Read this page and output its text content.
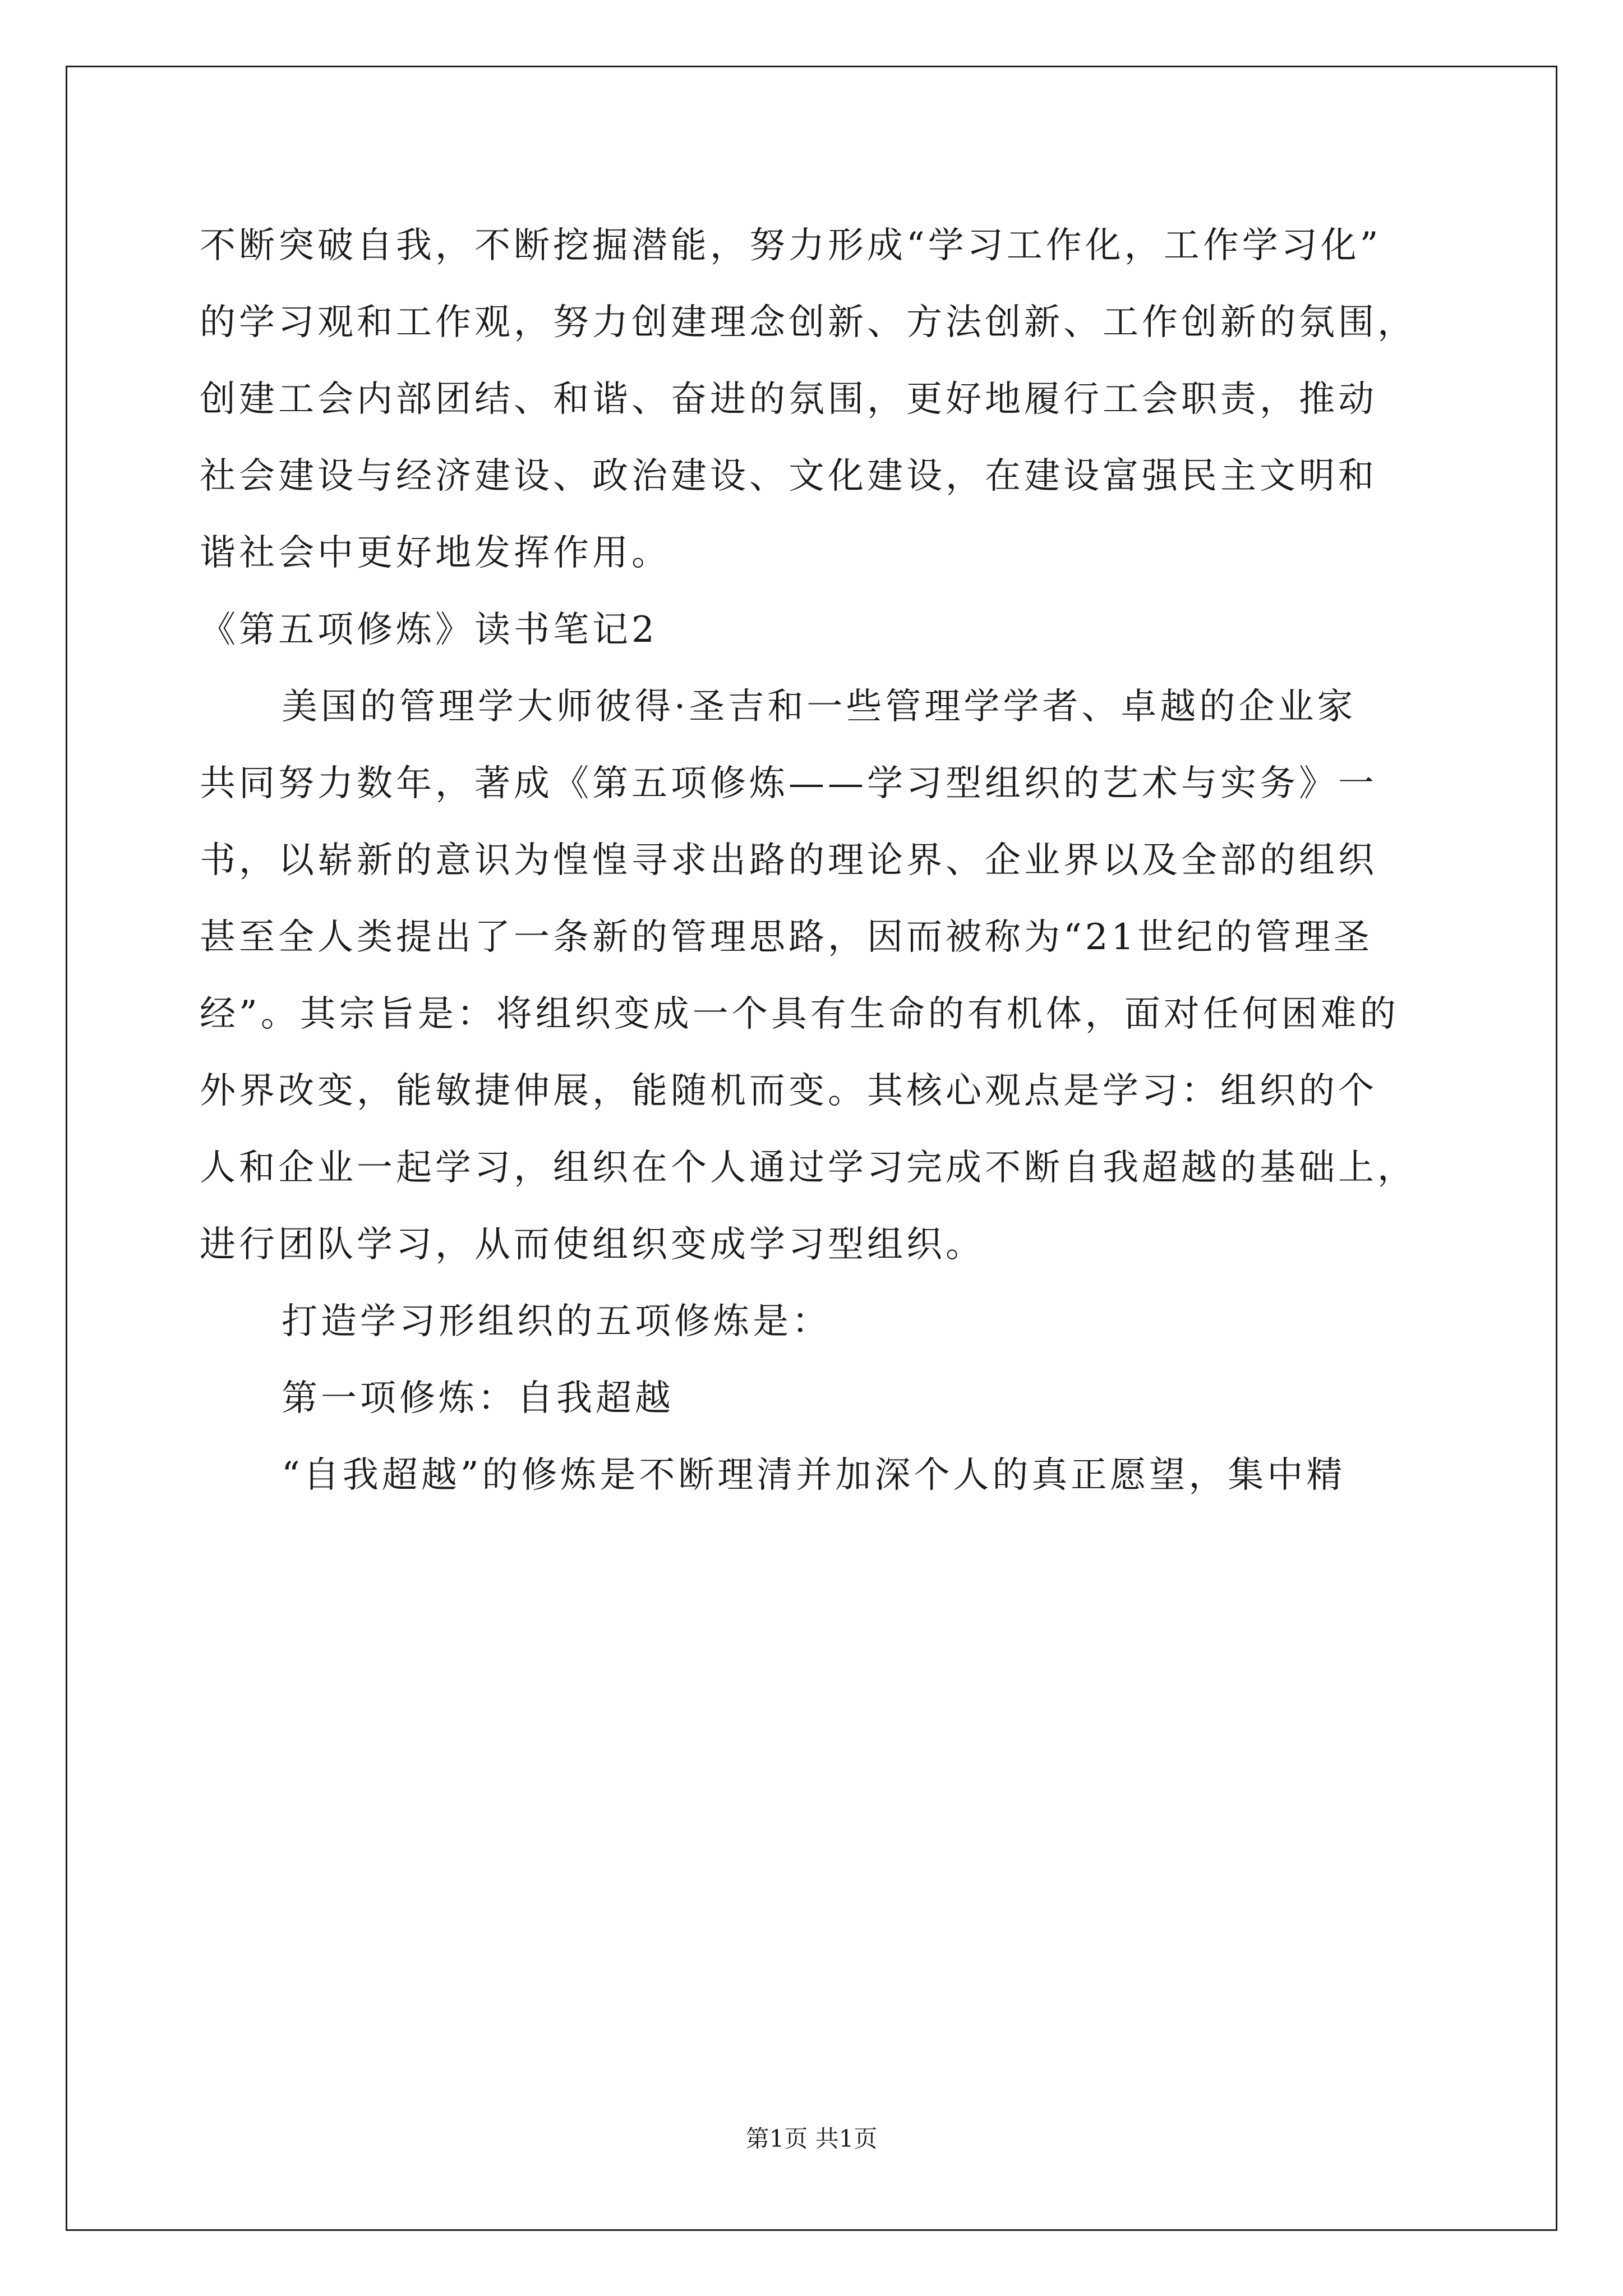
不断突破自我，不断挖掘潜能，努力形成“学习工作化，工作学习化”
的学习观和工作观，努力创建理念创新、方法创新、工作创新的氛围，
创建工会内部团结、和谐、奋进的氛围，更好地履行工会职责，推动
社会建设与经济建设、政治建设、文化建设，在建设富强民主文明和
谐社会中更好地发挥作用。
《第五项修炼》读书笔记2
美国的管理学大师彼得·圣吉和一些管理学学者、卓越的企业家
共同努力数年，著成《第五项修炼——学习型组织的艺术与实务》一
书，以崭新的意识为惶惶寻求出路的理论界、企业界以及全部的组织
甚至全人类提出了一条新的管理思路，因而被称为“21世纪的管理圣
经”。其宗旨是：将组织变成一个具有生命的有机体，面对任何困难的
外界改变，能敏捷伸展，能随机而变。其核心观点是学习：组织的个
人和企业一起学习，组织在个人通过学习完成不断自我超越的基础上，
进行团队学习，从而使组织变成学习型组织。
打造学习形组织的五项修炼是：
第一项修炼：自我超越
“自我超越”的修炼是不断理清并加深个人的真正愿望，集中精
第1页 共1页
